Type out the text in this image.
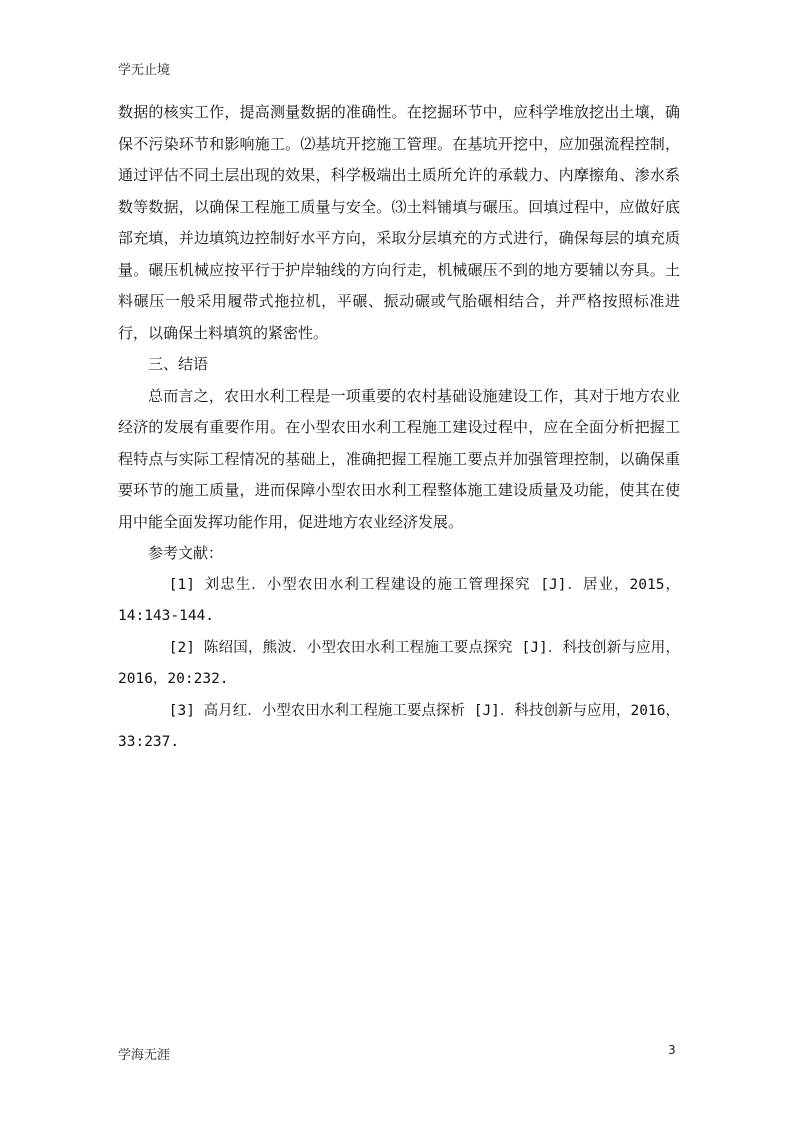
学无止境

数据的核实工作，提高测量数据的准确性。在挖掘环节中，应科学堆放挖出土壤，确保不污染环节和影响施工。⑵基坑开挖施工管理。在基坑开挖中，应加强流程控制，通过评估不同土层出现的效果，科学极端出土质所允许的承载力、内摩擦角、渗水系数等数据，以确保工程施工质量与安全。⑶土料铺填与碾压。回填过程中，应做好底部充填，并边填筑边控制好水平方向，采取分层填充的方式进行，确保每层的填充质量。碾压机械应按平行于护岸轴线的方向行走，机械碾压不到的地方要辅以夯具。土料碾压一般采用履带式拖拉机，平碾、振动碾或气胎碾相结合，并严格按照标准进行，以确保土料填筑的紧密性。

三、结语

总而言之，农田水利工程是一项重要的农村基础设施建设工作，其对于地方农业经济的发展有重要作用。在小型农田水利工程施工建设过程中，应在全面分析把握工程特点与实际工程情况的基础上，准确把握工程施工要点并加强管理控制，以确保重要环节的施工质量，进而保障小型农田水利工程整体施工建设质量及功能，使其在使用中能全面发挥功能作用，促进地方农业经济发展。

参考文献：

[1] 刘忠生．小型农田水利工程建设的施工管理探究 [J]．居业，2015，14:143-144.

[2] 陈绍国，熊波．小型农田水利工程施工要点探究 [J]．科技创新与应用，2016，20:232.

[3] 高月红．小型农田水利工程施工要点探析 [J]．科技创新与应用，2016，33:237.

学海无涯	3
